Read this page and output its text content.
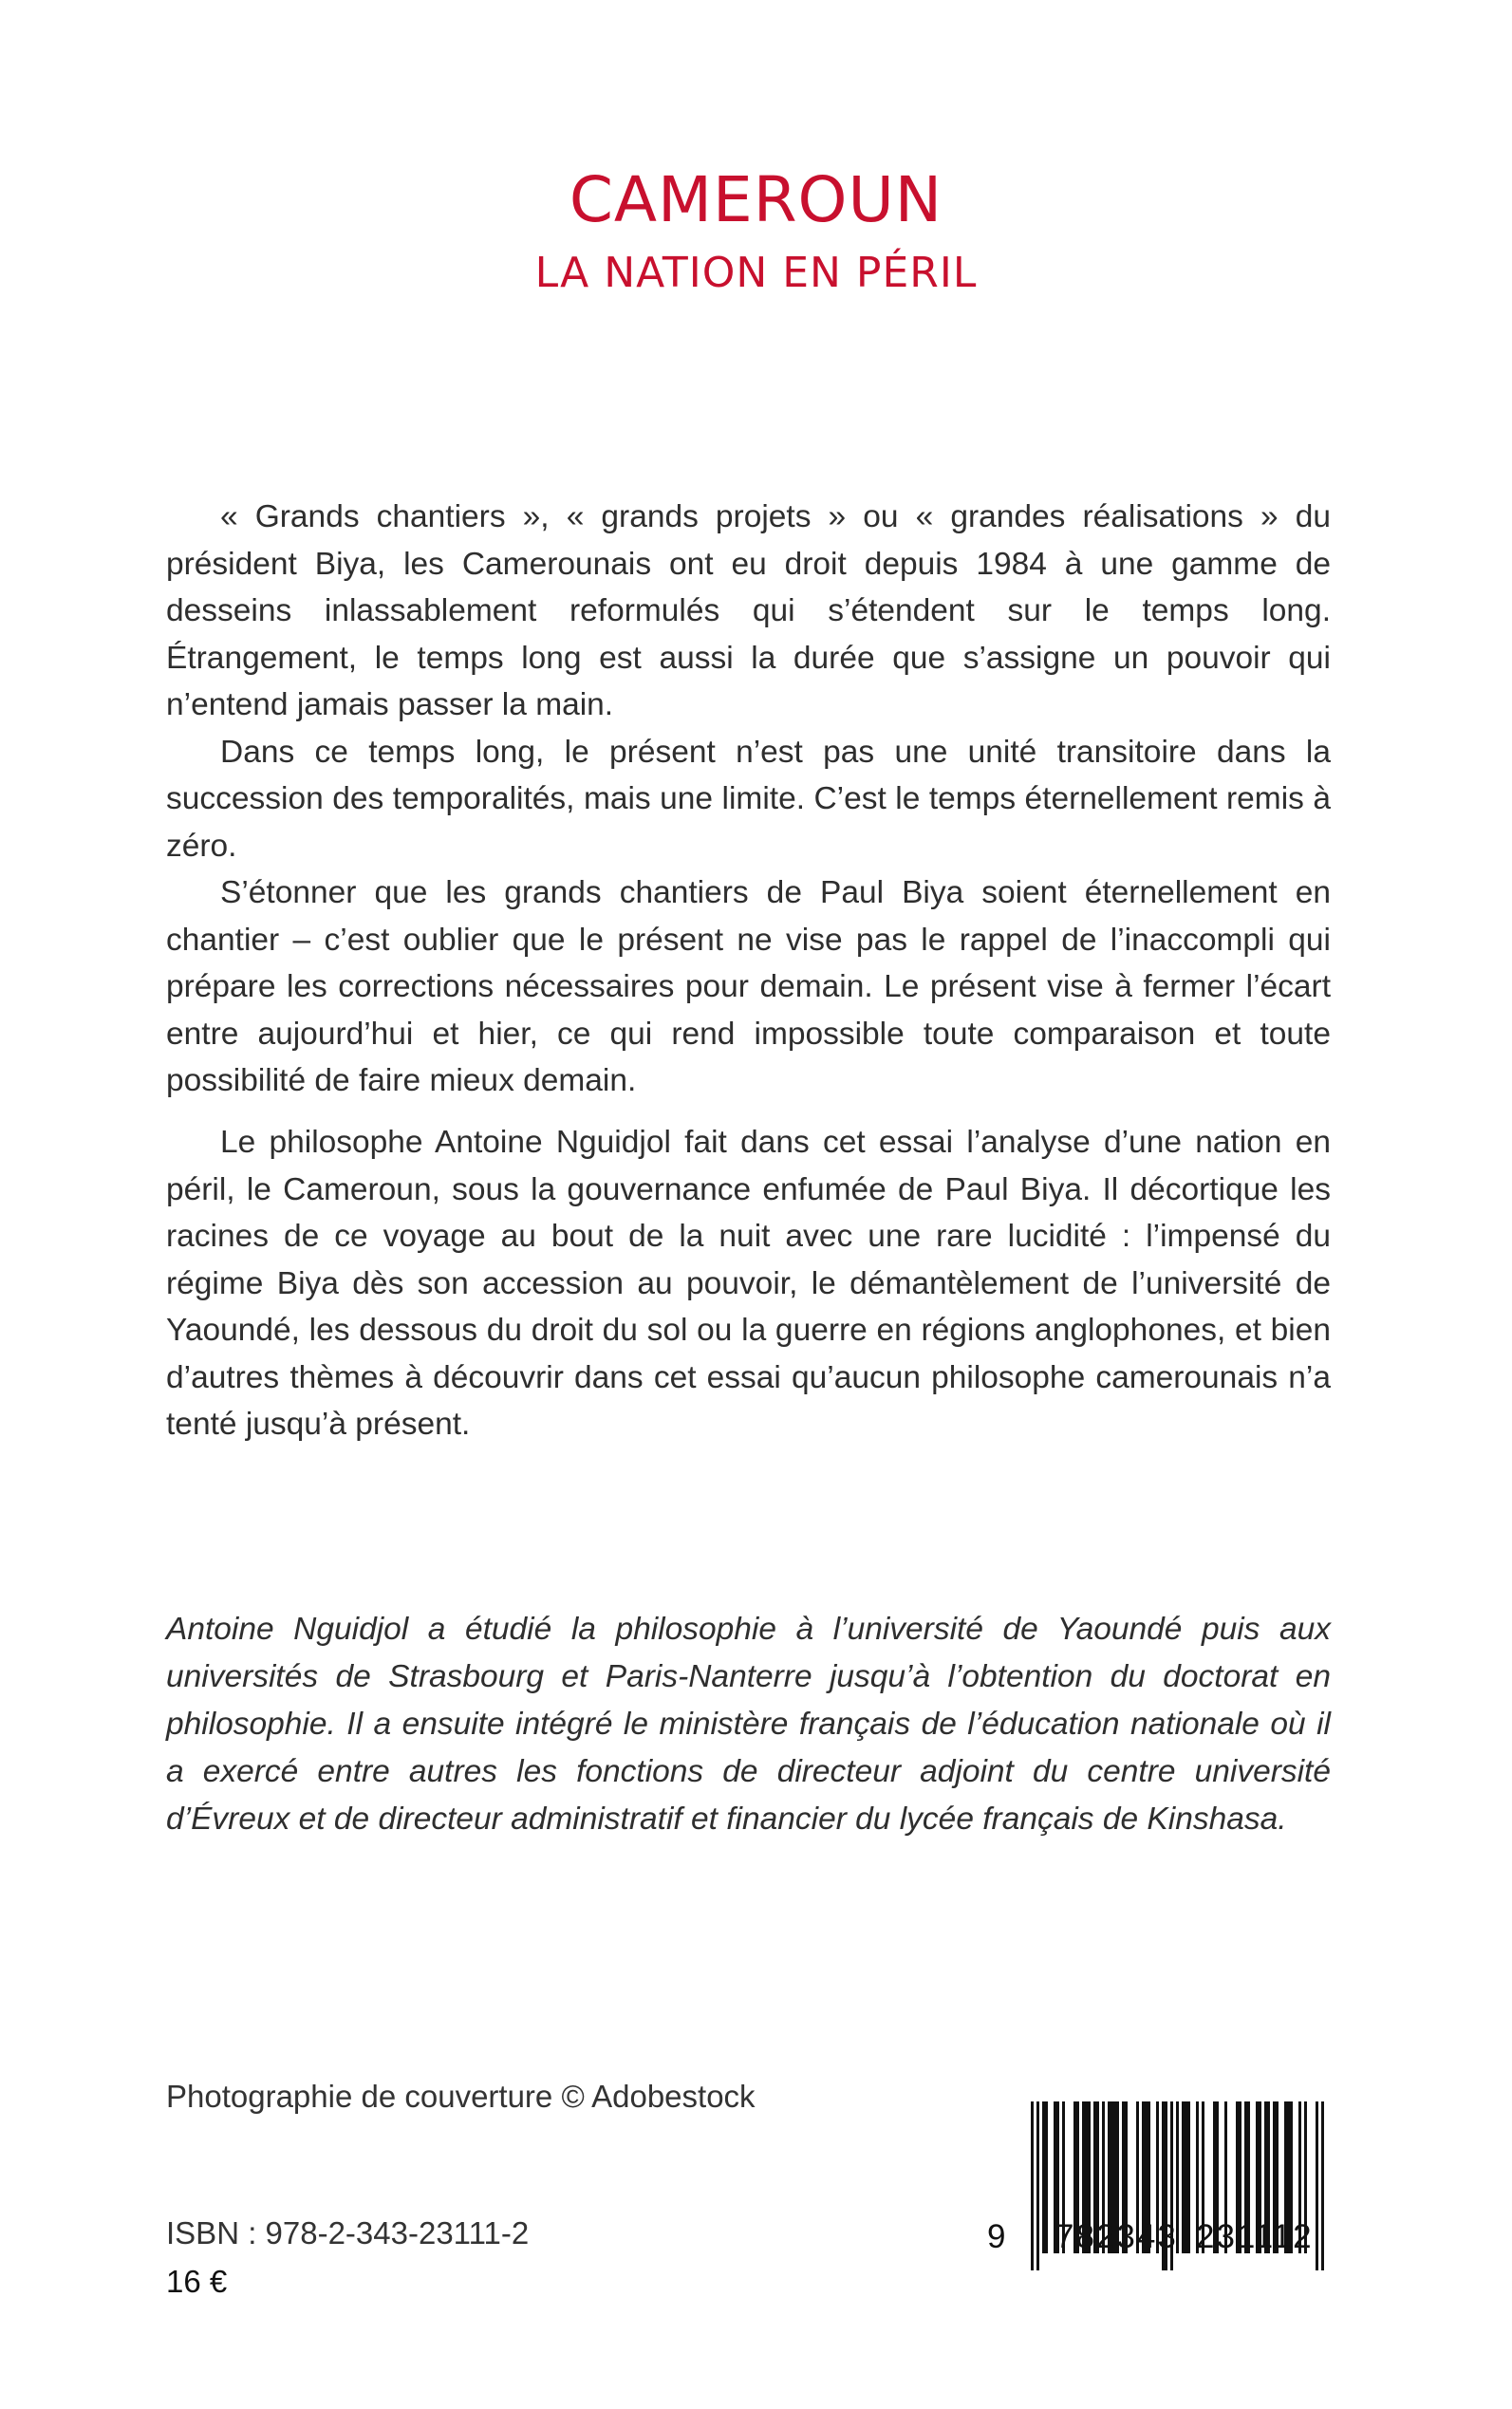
CAMEROUN
LA NATION EN PÉRIL

« Grands chantiers », « grands projets » ou « grandes réalisations » du président Biya, les Camerounais ont eu droit depuis 1984 à une gamme de desseins inlassablement reformulés qui s’étendent sur le temps long. Étrangement, le temps long est aussi la durée que s’assigne un pouvoir qui n’entend jamais passer la main.

Dans ce temps long, le présent n’est pas une unité transitoire dans la succession des temporalités, mais une limite. C’est le temps éternellement remis à zéro.

S’étonner que les grands chantiers de Paul Biya soient éternellement en chantier – c’est oublier que le présent ne vise pas le rappel de l’inaccompli qui prépare les corrections nécessaires pour demain. Le présent vise à fermer l’écart entre aujourd’hui et hier, ce qui rend impossible toute comparaison et toute possibilité de faire mieux demain.

Le philosophe Antoine Nguidjol fait dans cet essai l’analyse d’une nation en péril, le Cameroun, sous la gouvernance enfumée de Paul Biya. Il décortique les racines de ce voyage au bout de la nuit avec une rare lucidité : l’impensé du régime Biya dès son accession au pouvoir, le démantèlement de l’université de Yaoundé, les dessous du droit du sol ou la guerre en régions anglophones, et bien d’autres thèmes à découvrir dans cet essai qu’aucun philosophe camerounais n’a tenté jusqu’à présent.

Antoine Nguidjol a étudié la philosophie à l’université de Yaoundé puis aux universités de Strasbourg et Paris-Nanterre jusqu’à l’obtention du doctorat en philosophie. Il a ensuite intégré le ministère français de l’éducation nationale où il a exercé entre autres les fonctions de directeur adjoint du centre université d’Évreux et de directeur administratif et financier du lycée français de Kinshasa.
Photographie de couverture © Adobestock
ISBN : 978-2-343-23111-2
16 €

9

782343

231112
